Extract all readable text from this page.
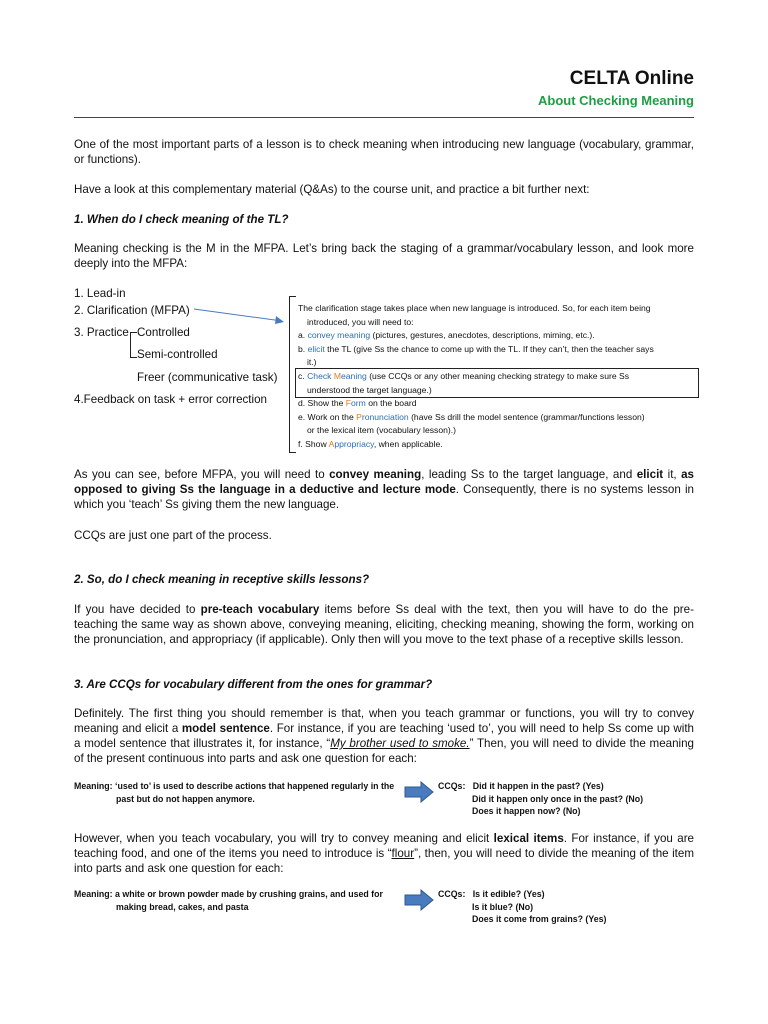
CELTA Online
About Checking Meaning

One of the most important parts of a lesson is to check meaning when introducing new language (vocabulary, grammar, or functions).

Have a look at this complementary material (Q&As) to the course unit, and practice a bit further next:

1. When do I check meaning of the TL?

Meaning checking is the M in the MFPA. Let’s bring back the staging of a grammar/vocabulary lesson, and look more deeply into the MFPA:

1. Lead-in
2. Clarification (MFPA)
3. Practice Controlled
Semi-controlled
Freer (communicative task)
4.Feedback on task + error correction
The clarification stage takes place when new language is introduced. So, for each item being
introduced, you will need to:
a. convey meaning (pictures, gestures, anecdotes, descriptions, miming, etc.).
b. elicit the TL (give Ss the chance to come up with the TL. If they can’t, then the teacher says
it.)
c. Check Meaning (use CCQs or any other meaning checking strategy to make sure Ss
understood the target language.)
d. Show the Form on the board
e. Work on the Pronunciation (have Ss drill the model sentence (grammar/functions lesson)
or the lexical item (vocabulary lesson).)
f. Show Appropriacy, when applicable.

As you can see, before MFPA, you will need to convey meaning, leading Ss to the target language, and elicit it, as opposed to giving Ss the language in a deductive and lecture mode. Consequently, there is no systems lesson in which you ‘teach’ Ss giving them the new language.

CCQs are just one part of the process.

2. So, do I check meaning in receptive skills lessons?

If you have decided to pre-teach vocabulary items before Ss deal with the text, then you will have to do the pre-teaching the same way as shown above, conveying meaning, eliciting, checking meaning, showing the form, working on the pronunciation, and appropriacy (if applicable). Only then will you move to the text phase of a receptive skills lesson.

3. Are CCQs for vocabulary different from the ones for grammar?

Definitely. The first thing you should remember is that, when you teach grammar or functions, you will try to convey meaning and elicit a model sentence. For instance, if you are teaching ‘used to’, you will need to help Ss come up with a model sentence that illustrates it, for instance, “My brother used to smoke.” Then, you will need to divide the meaning of the present continuous into parts and ask one question for each:

Meaning: ‘used to’ is used to describe actions that happened regularly in the
past but do not happen anymore.
CCQs: Did it happen in the past? (Yes)
Did it happen only once in the past? (No)
Does it happen now? (No)

However, when you teach vocabulary, you will try to convey meaning and elicit lexical items. For instance, if you are teaching food, and one of the items you need to introduce is “flour”, then, you will need to divide the meaning of the item into parts and ask one question for each:

Meaning: a white or brown powder made by crushing grains, and used for
making bread, cakes, and pasta
CCQs: Is it edible? (Yes)
Is it blue? (No)
Does it come from grains? (Yes)
